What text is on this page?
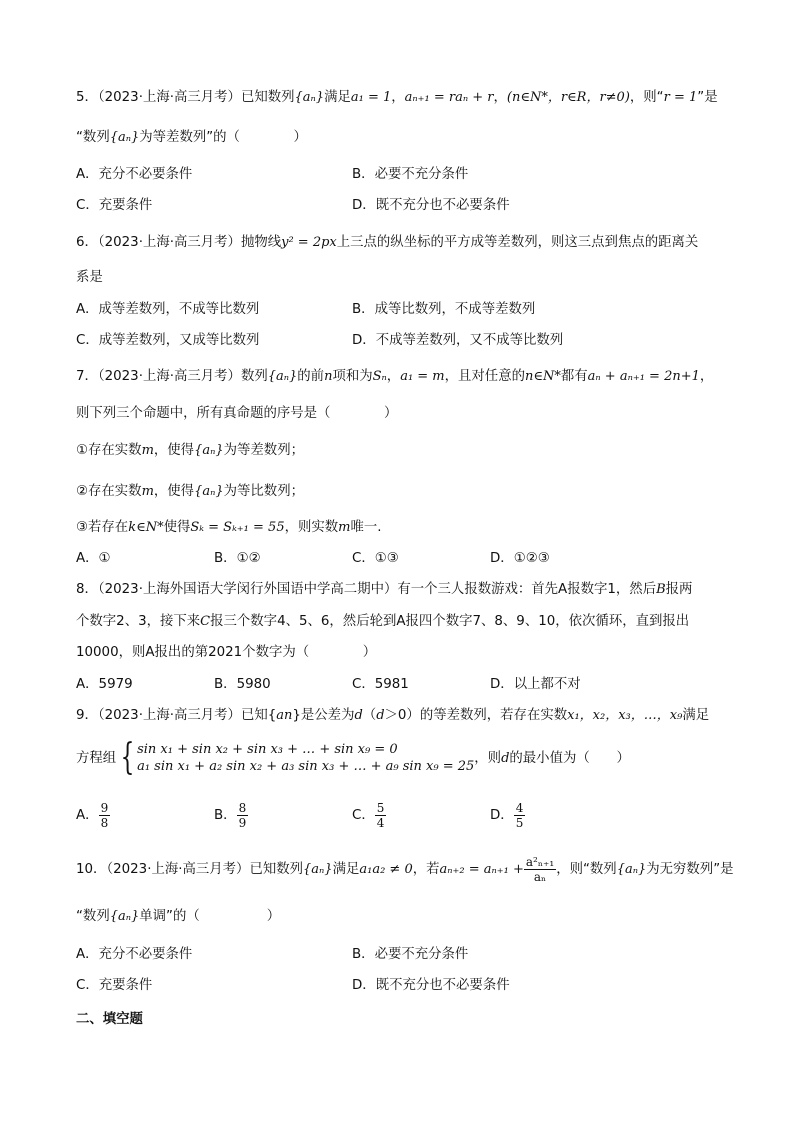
5．（2023·上海·高三月考）已知数列{aₙ}满足a₁ = 1，aₙ₊₁ = raₙ + r，(n∈N*，r∈R，r≠0)，则“r = 1”是
“数列{aₙ}为等差数列”的（　　　　）
A．充分不必要条件	B．必要不充分条件
C．充要条件	D．既不充分也不必要条件
6．（2023·上海·高三月考）抛物线y² = 2px上三点的纵坐标的平方成等差数列，则这三点到焦点的距离关
系是
A．成等差数列，不成等比数列	B．成等比数列，不成等差数列
C．成等差数列，又成等比数列	D．不成等差数列，又不成等比数列
7．（2023·上海·高三月考）数列{aₙ}的前n项和为Sₙ，a₁ = m，且对任意的n∈N*都有aₙ + aₙ₊₁ = 2n+1，
则下列三个命题中，所有真命题的序号是（　　　　）
①存在实数m，使得{aₙ}为等差数列；
②存在实数m，使得{aₙ}为等比数列；
③若存在k∈N*使得Sₖ = Sₖ₊₁ = 55，则实数m唯一.
A．①	B．①②	C．①③	D．①②③
8．（2023·上海外国语大学闵行外国语中学高二期中）有一个三人报数游戏：首先A报数字1，然后B报两
个数字2、3，接下来C报三个数字4、5、6，然后轮到A报四个数字7、8、9、10，依次循环，直到报出
10000，则A报出的第2021个数字为（　　　　）
A．5979	B．5980	C．5981	D．以上都不对
9．（2023·上海·高三月考）已知{an}是公差为d（d＞0）的等差数列，若存在实数x₁，x₂，x₃，…，x₉满足
方程组 { sin x₁ + sin x₂ + sin x₃ + … + sin x₉ = 0
a₁ sin x₁ + a₂ sin x₂ + a₃ sin x₃ + … + a₉ sin x₉ = 25
，则d的最小值为（　　）
A． $\frac{9}{8}$	B． $\frac{8}{9}$	C． $\frac{5}{4}$	D． $\frac{4}{5}$
10．（2023·上海·高三月考）已知数列{aₙ}满足a₁a₂ ≠ 0，若$a_{n+2} = a_{n+1} + \frac{\text{a²ₙ₊₁}}{\text{aₙ}}$ ，则“数列{aₙ}为无穷数列”是
“数列{aₙ}单调”的（　　　　　）
A．充分不必要条件	B．必要不充分条件
C．充要条件	D．既不充分也不必要条件
二、填空题
